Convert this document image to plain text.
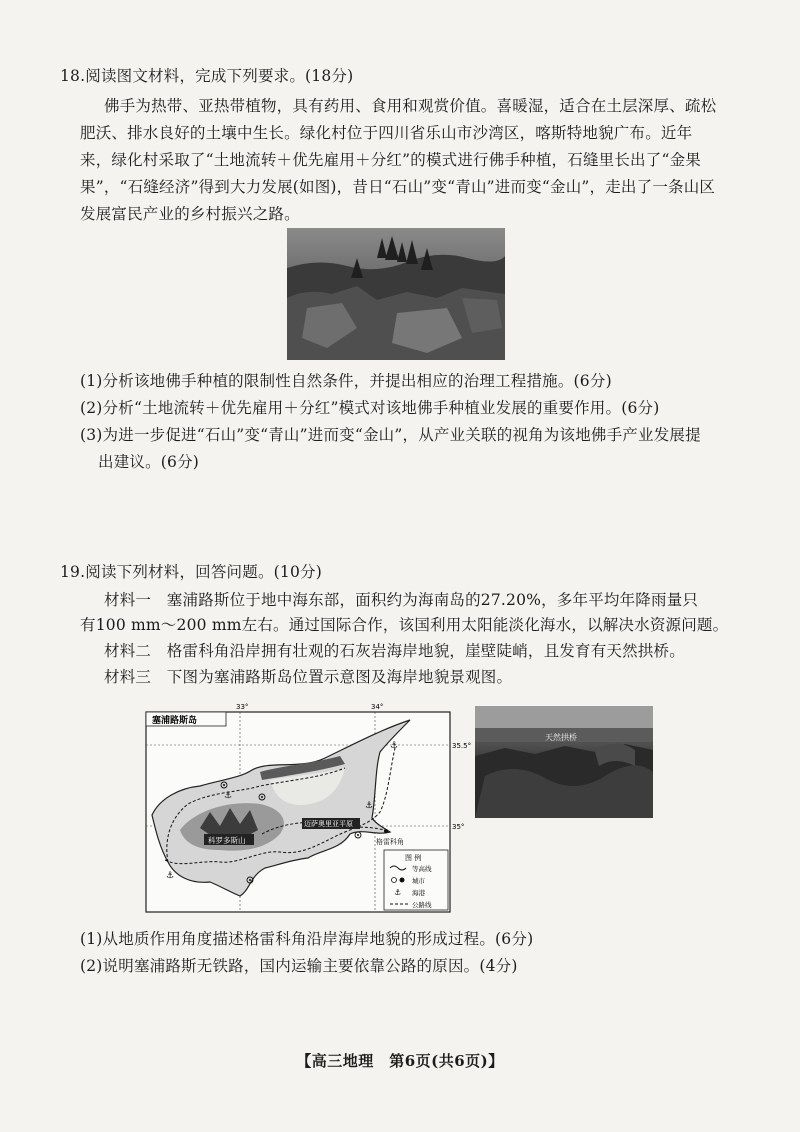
18.阅读图文材料，完成下列要求。(18分)
佛手为热带、亚热带植物，具有药用、食用和观赏价值。喜暖湿，适合在土层深厚、疏松
肥沃、排水良好的土壤中生长。绿化村位于四川省乐山市沙湾区，喀斯特地貌广布。近年
来，绿化村采取了“土地流转＋优先雇用＋分红”的模式进行佛手种植，石缝里长出了“金果
果”，“石缝经济”得到大力发展(如图)，昔日“石山”变“青山”进而变“金山”，走出了一条山区
发展富民产业的乡村振兴之路。
(1)分析该地佛手种植的限制性自然条件，并提出相应的治理工程措施。(6分)
(2)分析“土地流转＋优先雇用＋分红”模式对该地佛手种植业发展的重要作用。(6分)
(3)为进一步促进“石山”变“青山”进而变“金山”，从产业关联的视角为该地佛手产业发展提
出建议。(6分)
19.阅读下列材料，回答问题。(10分)
材料一　塞浦路斯位于地中海东部，面积约为海南岛的27.20%，多年平均年降雨量只
有100 mm～200 mm左右。通过国际合作，该国利用太阳能淡化海水，以解决水资源问题。
材料二　格雷科角沿岸拥有壮观的石灰岩海岸地貌，崖壁陡峭，且发育有天然拱桥。
材料三　下图为塞浦路斯岛位置示意图及海岸地貌景观图。
33°	34°
35.5°
35°
塞浦路斯岛
⚓
⚓
⚓
⚓
迈萨奥里亚平原
科罗多斯山	格雷科角
图 例
等高线
城市
⚓ 海港
公路线
天然拱桥
(1)从地质作用角度描述格雷科角沿岸海岸地貌的形成过程。(6分)
(2)说明塞浦路斯无铁路，国内运输主要依靠公路的原因。(4分)
【高三地理　第6页(共6页)】
